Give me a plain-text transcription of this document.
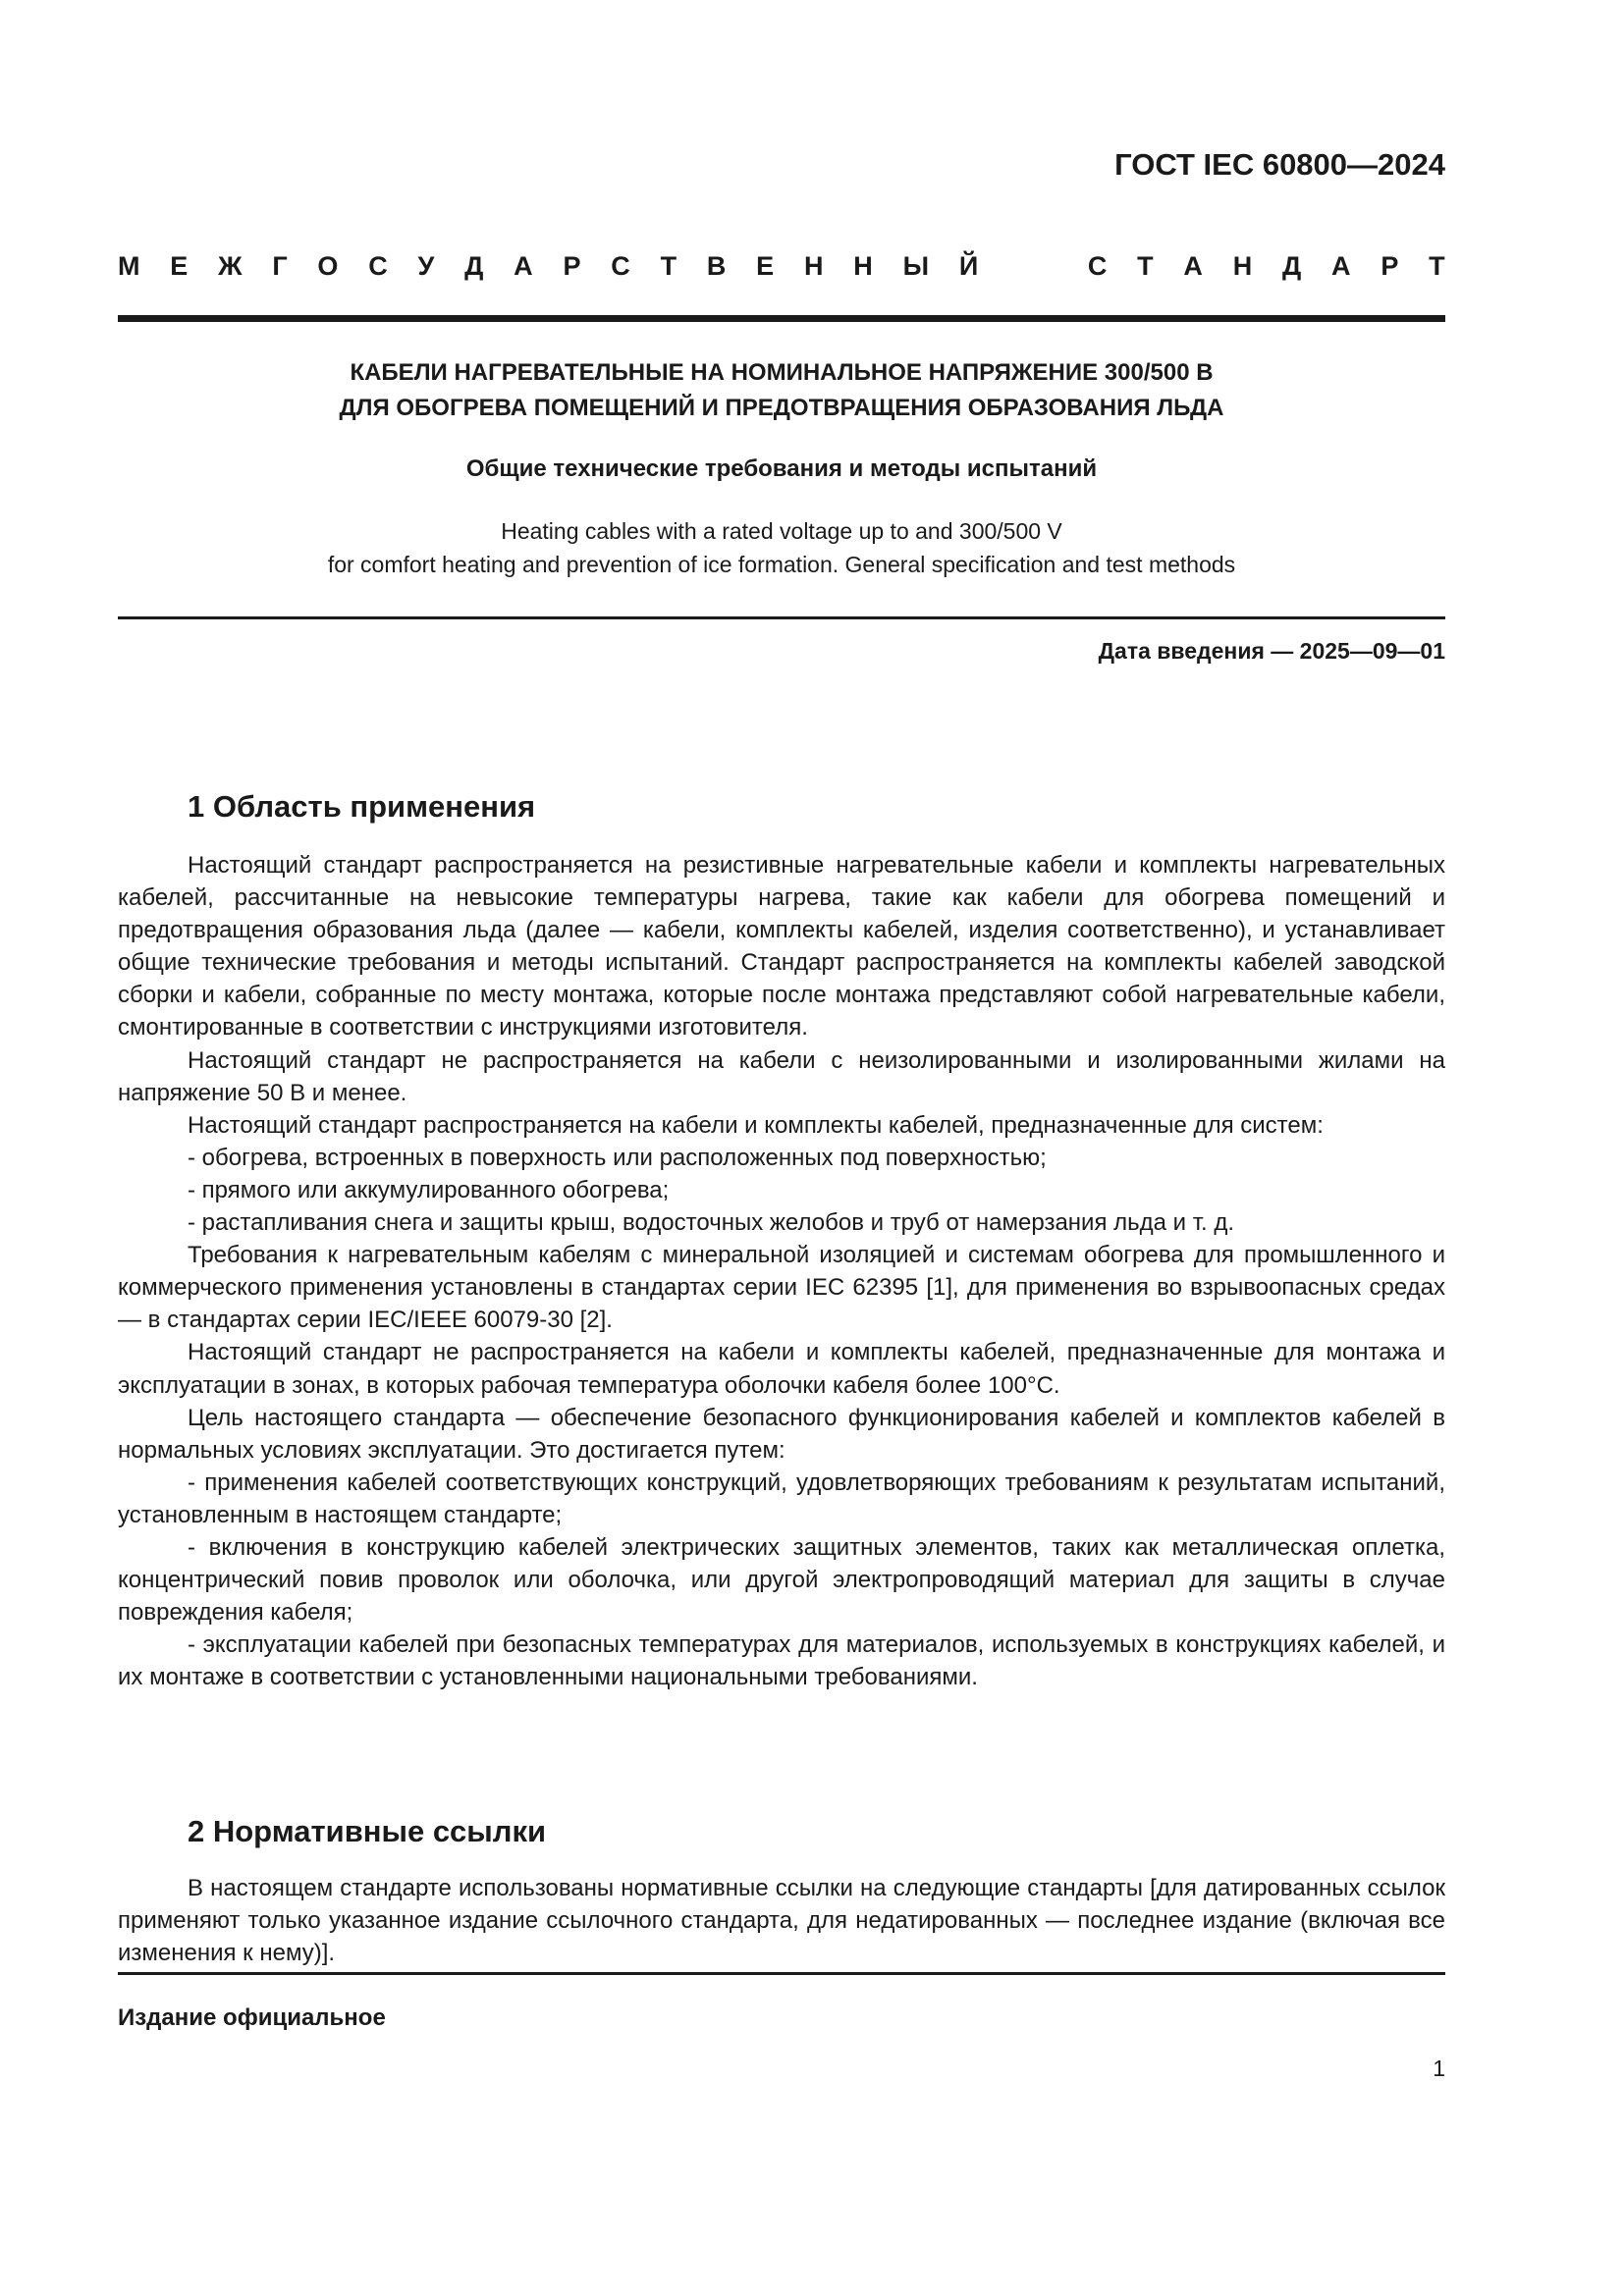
ГОСТ IEC 60800—2024
М Е Ж Г О С У Д А Р С Т В Е Н Н Ы Й	С Т А Н Д А Р Т
КАБЕЛИ НАГРЕВАТЕЛЬНЫЕ НА НОМИНАЛЬНОЕ НАПРЯЖЕНИЕ 300/500 В
ДЛЯ ОБОГРЕВА ПОМЕЩЕНИЙ И ПРЕДОТВРАЩЕНИЯ ОБРАЗОВАНИЯ ЛЬДА
Общие технические требования и методы испытаний
Heating cables with a rated voltage up to and 300/500 V
for comfort heating and prevention of ice formation. General specification and test methods
Дата введения — 2025—09—01
1 Область применения

Настоящий стандарт распространяется на резистивные нагревательные кабели и комплекты нагревательных кабелей, рассчитанные на невысокие температуры нагрева, такие как кабели для обогрева помещений и предотвращения образования льда (далее — кабели, комплекты кабелей, изделия соответственно), и устанавливает общие технические требования и методы испытаний. Стандарт распространяется на комплекты кабелей заводской сборки и кабели, собранные по месту монтажа, которые после монтажа представляют собой нагревательные кабели, смонтированные в соответствии с инструкциями изготовителя.

Настоящий стандарт не распространяется на кабели с неизолированными и изолированными жилами на напряжение 50 В и менее.

Настоящий стандарт распространяется на кабели и комплекты кабелей, предназначенные для систем:

- обогрева, встроенных в поверхность или расположенных под поверхностью;

- прямого или аккумулированного обогрева;

- растапливания снега и защиты крыш, водосточных желобов и труб от намерзания льда и т. д.

Требования к нагревательным кабелям с минеральной изоляцией и системам обогрева для промышленного и коммерческого применения установлены в стандартах серии IEC 62395 [1], для применения во взрывоопасных средах — в стандартах серии IEC/IEEE 60079-30 [2].

Настоящий стандарт не распространяется на кабели и комплекты кабелей, предназначенные для монтажа и эксплуатации в зонах, в которых рабочая температура оболочки кабеля более 100°С.

Цель настоящего стандарта — обеспечение безопасного функционирования кабелей и комплектов кабелей в нормальных условиях эксплуатации. Это достигается путем:

- применения кабелей соответствующих конструкций, удовлетворяющих требованиям к результатам испытаний, установленным в настоящем стандарте;

- включения в конструкцию кабелей электрических защитных элементов, таких как металлическая оплетка, концентрический повив проволок или оболочка, или другой электропроводящий материал для защиты в случае повреждения кабеля;

- эксплуатации кабелей при безопасных температурах для материалов, используемых в конструкциях кабелей, и их монтаже в соответствии с установленными национальными требованиями.

2 Нормативные ссылки

В настоящем стандарте использованы нормативные ссылки на следующие стандарты [для датированных ссылок применяют только указанное издание ссылочного стандарта, для недатированных — последнее издание (включая все изменения к нему)].

Издание официальное
1
